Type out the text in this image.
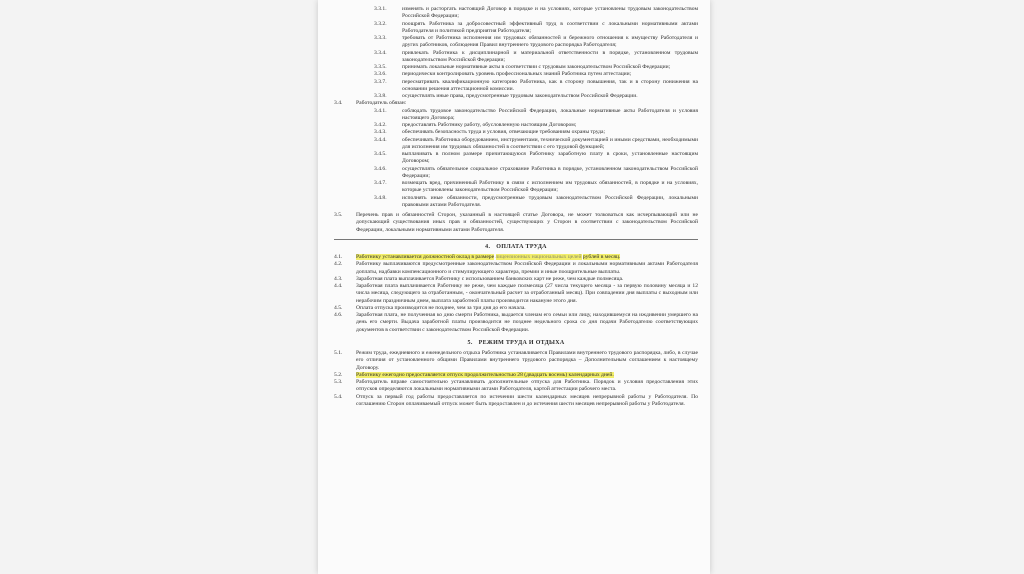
3.3.1.	изменять и расторгать настоящий Договор в порядке и на условиях, которые установлены трудовым законодательством Российской Федерации;
3.3.2.	поощрять Работника за добросовестный эффективный труд в соответствии с локальными нормативными актами Работодателя и политикой предприятия Работодателя;
3.3.3.	требовать от Работника исполнения им трудовых обязанностей и бережного отношения к имуществу Работодателя и других работников, соблюдения Правил внутреннего трудового распорядка Работодателя;
3.3.4.	привлекать Работника к дисциплинарной и материальной ответственности в порядке, установленном трудовым законодательством Российской Федерации;
3.3.5.	принимать локальные нормативные акты в соответствии с трудовым законодательством Российской Федерации;
3.3.6.	периодически контролировать уровень профессиональных знаний Работника путем аттестации;
3.3.7.	пересматривать квалификационную категорию Работника, как в сторону повышения, так и в сторону понижения на основании решения аттестационной комиссии.
3.3.8.	осуществлять иные права, предусмотренные трудовым законодательством Российской Федерации.
3.4.	Работодатель обязан:
3.4.1.	соблюдать трудовое законодательство Российской Федерации, локальные нормативные акты Работодателя и условия настоящего Договора;
3.4.2.	предоставлять Работнику работу, обусловленную настоящим Договором;
3.4.3.	обеспечивать безопасность труда и условия, отвечающие требованиям охраны труда;
3.4.4.	обеспечивать Работника оборудованием, инструментами, технической документацией и иными средствами, необходимыми для исполнения им трудовых обязанностей в соответствии с его трудовой функцией;
3.4.5.	выплачивать в полном размере причитающуюся Работнику заработную плату в сроки, установленные настоящим Договором;
3.4.6.	осуществлять обязательное социальное страхование Работника в порядке, установленном законодательством Российской Федерации;
3.4.7.	возмещать вред, причиненный Работнику в связи с исполнением им трудовых обязанностей, в порядке и на условиях, которые установлены законодательством Российской Федерации;
3.4.8.	исполнять иные обязанности, предусмотренные трудовым законодательством Российской Федерации, локальными правовыми актами Работодателя.
3.5.	Перечень прав и обязанностей Сторон, указанный в настоящей статье Договора, не может толковаться как исчерпывающий или не допускающий существования иных прав и обязанностей, существующих у Сторон в соответствии с законодательством Российской Федерации, локальными нормативными актами Работодателя.
4. ОПЛАТА ТРУДА
4.1.	Работнику устанавливается должностной оклад в размере лицензионных национальных целей рублей в месяц.
4.2.	Работнику выплачиваются предусмотренные законодательством Российской Федерации и локальными нормативными актами Работодателя доплаты, надбавки компенсационного и стимулирующего характера, премии и иные поощрительные выплаты.
4.3.	Заработная плата выплачивается Работнику с использованием банковских карт не реже, чем каждые полмесяца.
4.4.	Заработная плата выплачивается Работнику не реже, чем каждые полмесяца (27 числа текущего месяца - за первую половину месяца и 12 числа месяца, следующего за отработанным, - окончательный расчет за отработанный месяц). При совпадении дня выплаты с выходным или нерабочим праздничным днем, выплата заработной платы производится накануне этого дня.
4.5.	Оплата отпуска производится не позднее, чем за три дня до его начала.
4.6.	Заработная плата, не полученная ко дню смерти Работника, выдается членам его семьи или лицу, находившемуся на иждивении умершего на день его смерти. Выдача заработной платы производится не позднее недельного срока со дня подачи Работодателю соответствующих документов в соответствии с законодательством Российской Федерации.
5. РЕЖИМ ТРУДА И ОТДЫХА
5.1.	Режим труда, ежедневного и еженедельного отдыха Работника устанавливается Правилами внутреннего трудового распорядка, либо, в случае его отличия от установленного общими Правилами внутреннего трудового распорядка – Дополнительным соглашением к настоящему Договору.
5.2.	Работнику ежегодно предоставляется отпуск продолжительностью 28 (двадцать восемь) календарных дней.
5.3.	Работодатель вправе самостоятельно устанавливать дополнительные отпуска для Работника. Порядок и условия предоставления этих отпусков определяются локальными нормативными актами Работодателя, картой аттестации рабочего места.
5.4.	Отпуск за первый год работы предоставляется по истечении шести календарных месяцев непрерывной работы у Работодателя. По соглашению Сторон оплачиваемый отпуск может быть предоставлен и до истечения шести месяцев непрерывной работы у Работодателя.
